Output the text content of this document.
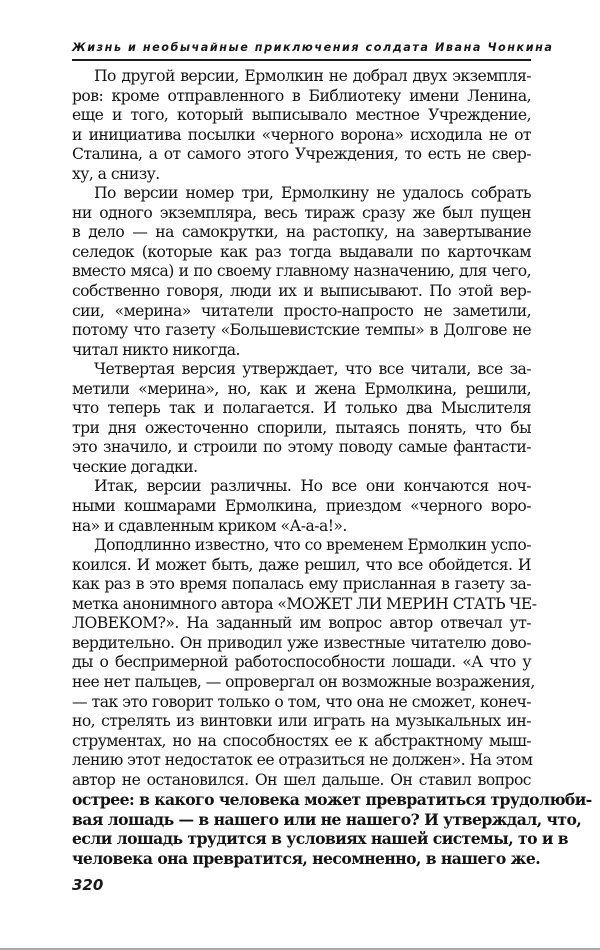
Жизнь и необычайные приключения солдата Ивана Чонкина
По другой версии, Ермолкин не добрал двух экземпля-
ров: кроме отправленного в Библиотеку имени Ленина,
еще и того, который выписывало местное Учреждение,
и инициатива посылки «черного ворона» исходила не от
Сталина, а от самого этого Учреждения, то есть не свер-
ху, а снизу.
По версии номер три, Ермолкину не удалось собрать
ни одного экземпляра, весь тираж сразу же был пущен
в дело — на самокрутки, на растопку, на завертывание
селедок (которые как раз тогда выдавали по карточкам
вместо мяса) и по своему главному назначению, для чего,
собственно говоря, люди их и выписывают. По этой вер-
сии, «мерина» читатели просто-напросто не заметили,
потому что газету «Большевистские темпы» в Долгове не
читал никто никогда.
Четвертая версия утверждает, что все читали, все за-
метили «мерина», но, как и жена Ермолкина, решили,
что теперь так и полагается. И только два Мыслителя
три дня ожесточенно спорили, пытаясь понять, что бы
это значило, и строили по этому поводу самые фантасти-
ческие догадки.
Итак, версии различны. Но все они кончаются ноч-
ными кошмарами Ермолкина, приездом «черного воро-
на» и сдавленным криком «А-а-а!».
Доподлинно известно, что со временем Ермолкин успо-
коился. И может быть, даже решил, что все обойдется. И
как раз в это время попалась ему присланная в газету за-
метка анонимного автора «МОЖЕТ ЛИ МЕРИН СТАТЬ ЧЕ-
ЛОВЕКОМ?». На заданный им вопрос автор отвечал ут-
вердительно. Он приводил уже известные читателю дово-
ды о беспримерной работоспособности лошади. «А что у
нее нет пальцев, — опровергал он возможные возражения,
— так это говорит только о том, что она не сможет, конеч-
но, стрелять из винтовки или играть на музыкальных ин-
струментах, но на способностях ее к абстрактному мыш-
лению этот недостаток ее отразиться не должен». На этом
автор не остановился. Он шел дальше. Он ставил вопрос
острее: в какого человека может превратиться трудолюби-
вая лошадь — в нашего или не нашего? И утверждал, что,
если лошадь трудится в условиях нашей системы, то и в
человека она превратится, несомненно, в нашего же.
320
